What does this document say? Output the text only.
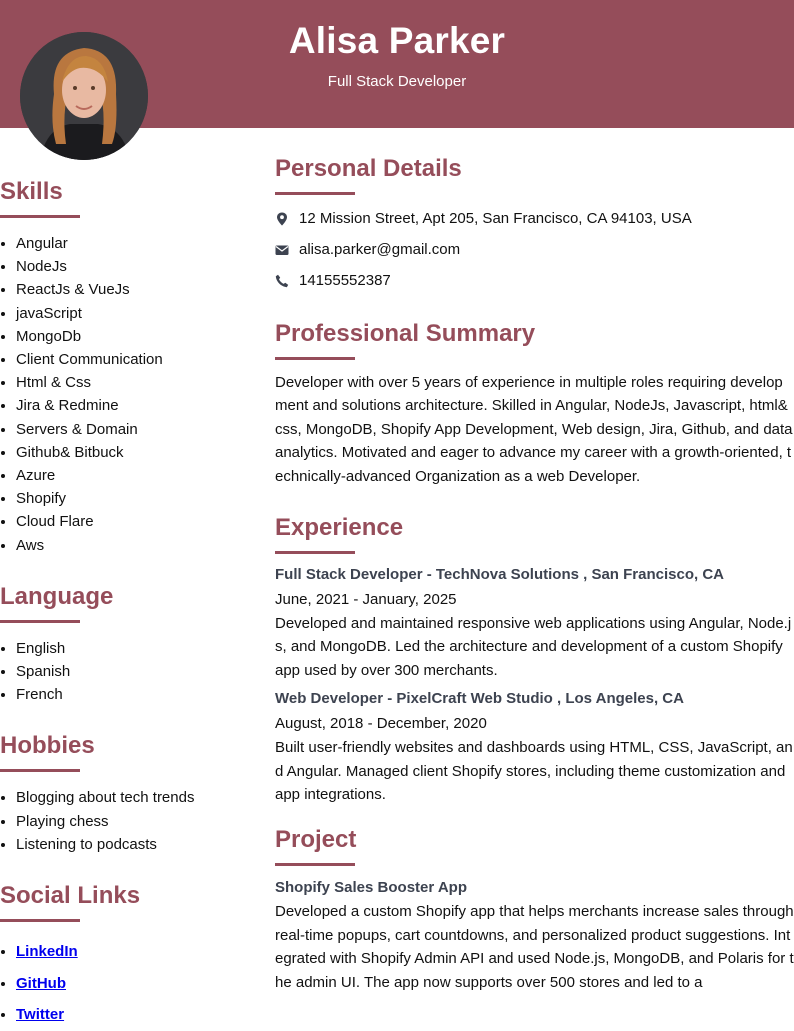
Alisa Parker
Full Stack Developer
Skills
• Angular
• NodeJs
• ReactJs & VueJs
• javaScript
• MongoDb
• Client Communication
• Html & Css
• Jira & Redmine
• Servers & Domain
• Github& Bitbuck
• Azure
• Shopify
• Cloud Flare
• Aws
Language
• English
• Spanish
• French
Hobbies
• Blogging about tech trends
• Playing chess
• Listening to podcasts
Social Links
• LinkedIn
• GitHub
• Twitter
Personal Details
12 Mission Street, Apt 205, San Francisco, CA 94103, USA
alisa.parker@gmail.com
14155552387
Professional Summary

Developer with over 5 years of experience in multiple roles requiring development and solutions architecture. Skilled in Angular, NodeJs, Javascript, html&css, MongoDB, Shopify App Development, Web design, Jira, Github, and data analytics. Motivated and eager to advance my career with a growth-oriented, technically-advanced Organization as a web Developer.

Experience

Full Stack Developer - TechNova Solutions , San Francisco, CA

June, 2021 - January, 2025

Developed and maintained responsive web applications using Angular, Node.js, and MongoDB. Led the architecture and development of a custom Shopify app used by over 300 merchants.

Web Developer - PixelCraft Web Studio , Los Angeles, CA

August, 2018 - December, 2020

Built user-friendly websites and dashboards using HTML, CSS, JavaScript, and Angular. Managed client Shopify stores, including theme customization and app integrations.

Project

Shopify Sales Booster App

Developed a custom Shopify app that helps merchants increase sales through real-time popups, cart countdowns, and personalized product suggestions. Integrated with Shopify Admin API and used Node.js, MongoDB, and Polaris for the admin UI. The app now supports over 500 stores and led to a
